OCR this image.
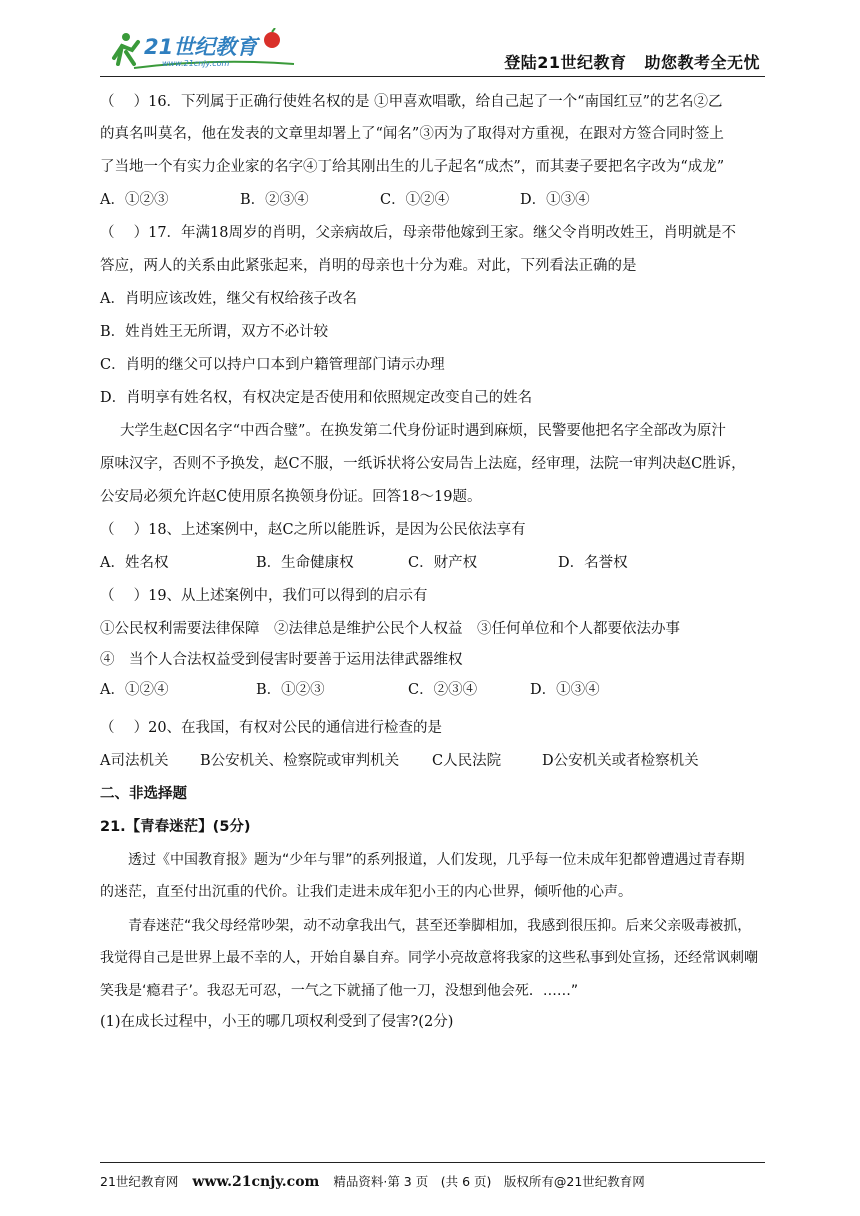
21世纪教育
www.21cnjy.com	登陆21世纪教育 助您教考全无忧
（　 ）16．下列属于正确行使姓名权的是 ①甲喜欢唱歌，给自己起了一个“南国红豆”的艺名②乙
的真名叫莫名，他在发表的文章里却署上了“闻名”③丙为了取得对方重视，在跟对方签合同时签上
了当地一个有实力企业家的名字④丁给其刚出生的儿子起名“成杰”，而其妻子要把名字改为“成龙”
A．①②③	B．②③④	C．①②④	D．①③④
（　 ）17．年满18周岁的肖明，父亲病故后，母亲带他嫁到王家。继父令肖明改姓王，肖明就是不
答应，两人的关系由此紧张起来，肖明的母亲也十分为难。对此，下列看法正确的是
A．肖明应该改姓，继父有权给孩子改名
B．姓肖姓王无所谓，双方不必计较
C．肖明的继父可以持户口本到户籍管理部门请示办理
D．肖明享有姓名权，有权决定是否使用和依照规定改变自己的姓名
大学生赵C因名字“中西合璧”。在换发第二代身份证时遇到麻烦，民警要他把名字全部改为原汁
原味汉字，否则不予换发，赵C不服，一纸诉状将公安局告上法庭，经审理，法院一审判决赵C胜诉，
公安局必须允许赵C使用原名换领身份证。回答18～19题。
（　 ）18、上述案例中，赵C之所以能胜诉，是因为公民依法享有
A．姓名权	B．生命健康权	C．财产权	D．名誉权
（　 ）19、从上述案例中，我们可以得到的启示有
①公民权利需要法律保障　②法律总是维护公民个人权益　③任何单位和个人都要依法办事
④　当个人合法权益受到侵害时要善于运用法律武器维权
A．①②④	B．①②③	C．②③④	D．①③④
（　 ）20、在我国，有权对公民的通信进行检查的是
A司法机关 B公安机关、检察院或审判机关 C人民法院	D公安机关或者检察机关
二、非选择题
21.【青春迷茫】(5分)
透过《中国教育报》题为“少年与罪”的系列报道，人们发现，几乎每一位未成年犯都曾遭遇过青春期
的迷茫，直至付出沉重的代价。让我们走进未成年犯小王的内心世界，倾听他的心声。
青春迷茫“我父母经常吵架，动不动拿我出气，甚至还拳脚相加，我感到很压抑。后来父亲吸毒被抓，
我觉得自己是世界上最不幸的人，开始自暴自弃。同学小亮故意将我家的这些私事到处宣扬，还经常讽刺嘲
笑我是‘瘾君子’。我忍无可忍，一气之下就捅了他一刀，没想到他会死．……”
(1)在成长过程中，小王的哪几项权利受到了侵害?(2分)
21世纪教育网 www.21cnjy.com 精品资料·第 3 页　(共 6 页)　版权所有@21世纪教育网
